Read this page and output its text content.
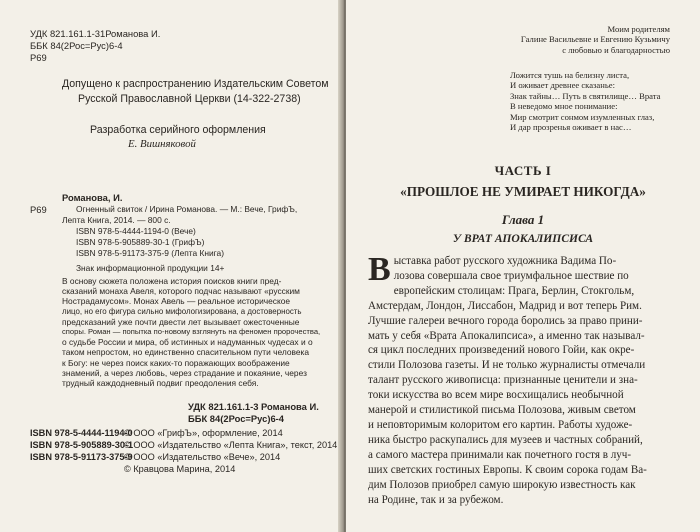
УДК 821.161.1-31Романова И.
ББК 84(2Рос=Рус)6-4
Р69
Допущено к распространению Издательским Советом
Русской Православной Церкви (14-322-2738)
Разработка серийного оформления
Е. Вишняковой
Романова, И.
Р69	Огненный свиток / Ирина Романова. — М.: Вече, ГрифЪ,
Лепта Книга, 2014. — 800 с.
ISBN 978-5-4444-1194-0 (Вече)
ISBN 978-5-905889-30-1 (ГрифЪ)
ISBN 978-5-91173-375-9 (Лепта Книга)
Знак информационной продукции 14+

В основу сюжета положена история поисков книги пред-

сказаний монаха Авеля, которого подчас называют «русским

Нострадамусом». Монах Авель — реальное историческое

лицо, но его фигура сильно мифологизирована, а достоверность

предсказаний уже почти двести лет вызывает ожесточенные

споры. Роман — попытка по-новому взглянуть на феномен пророчества,

о судьбе России и мира, об истинных и надуманных чудесах и о

таком непростом, но единственно спасительном пути человека

к Богу: не через поиск каких-то поражающих воображение

знамений, а через любовь, через страдание и покаяние, через

трудный каждодневный подвиг преодоления себя.

УДК 821.161.1-3 Романова И.
ББК 84(2Рос=Рус)6-4
ISBN 978-5-4444-1194-0
ISBN 978-5-905889-30-1
ISBN 978-5-91173-375-9
© ООО «ГрифЪ», оформление, 2014
© ООО «Издательство «Лепта Книга», текст, 2014
© ООО «Издательство «Вече», 2014
© Кравцова Марина, 2014
Моим родителям
Галине Васильевне и Евгению Кузьмичу
с любовью и благодарностью
Ложится тушь на белизну листа,
И оживает древнее сказанье:
Знак тайны… Путь в святилище… Врата
В неведомо мное понимание:
Мир смотрит сонмом изумленных глаз,
И дар прозренья оживает в нас…
ЧАСТЬ I
«ПРОШЛОЕ НЕ УМИРАЕТ НИКОГДА»
Глава 1
У ВРАТ АПОКАЛИПСИСА
В ыставка работ русского художника Вадима По-

лозова совершала свое триумфальное шествие по

европейским столицам: Прага, Берлин, Стокгольм,

Амстердам, Лондон, Лиссабон, Мадрид и вот теперь Рим.

Лучшие галереи вечного города боролись за право прини-

мать у себя «Врата Апокалипсиса», а именно так называл-

ся цикл последних произведений нового Гойи, как окре-

стили Полозова газеты. И не только журналисты отмечали

талант русского живописца: признанные ценители и зна-

токи искусства во всем мире восхищались необычной

манерой и стилистикой письма Полозова, живым светом

и неповторимым колоритом его картин. Работы художе-

ника быстро раскупались для музеев и частных собраний,

а самого мастера принимали как почетного гостя в луч-

ших светских гостиных Европы. К своим сорока годам Ва-

дим Полозов приобрел самую широкую известность как

на Родине, так и за рубежом.
